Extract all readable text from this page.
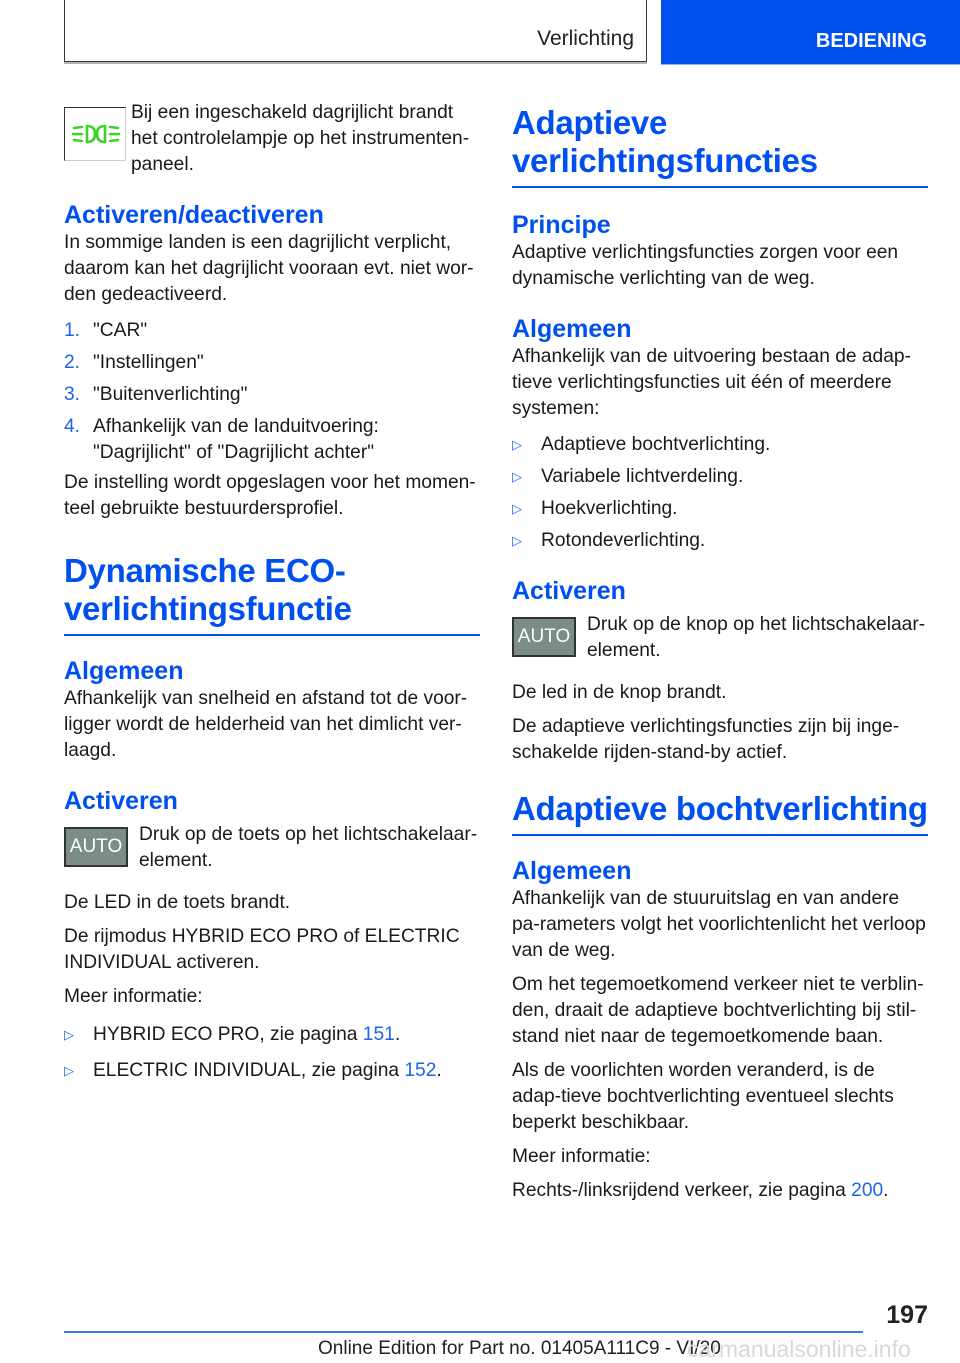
Verlichting	BEDIENING

Bij een ingeschakeld dagrijlicht brandt het controlelampje op het instrumenten-paneel.

Activeren/deactiveren

In sommige landen is een dagrijlicht verplicht, daarom kan het dagrijlicht vooraan evt. niet wor-den gedeactiveerd.

1. "CAR"
2. "Instellingen"
3. "Buitenverlichting"
4. Afhankelijk van de landuitvoering: "Dagrijlicht" of "Dagrijlicht achter"

De instelling wordt opgeslagen voor het momen-teel gebruikte bestuurdersprofiel.

Dynamische ECO-verlichtingsfunctie
Algemeen

Afhankelijk van snelheid en afstand tot de voor-ligger wordt de helderheid van het dimlicht ver-laagd.

Activeren
AUTO

Druk op de toets op het lichtschakelaar-element.

De LED in de toets brandt.

De rijmodus HYBRID ECO PRO of ELECTRIC INDIVIDUAL activeren.

Meer informatie:

▷ HYBRID ECO PRO, zie pagina 151.
▷ ELECTRIC INDIVIDUAL, zie pagina 152.
Adaptieve verlichtingsfuncties
Principe

Adaptive verlichtingsfuncties zorgen voor een dynamische verlichting van de weg.

Algemeen

Afhankelijk van de uitvoering bestaan de adap-tieve verlichtingsfuncties uit één of meerdere systemen:

▷ Adaptieve bochtverlichting.
▷ Variabele lichtverdeling.
▷ Hoekverlichting.
▷ Rotondeverlichting.
Activeren
AUTO

Druk op de knop op het lichtschakelaar-element.

De led in de knop brandt.

De adaptieve verlichtingsfuncties zijn bij inge-schakelde rijden-stand-by actief.

Adaptieve bochtverlichting
Algemeen

Afhankelijk van de stuuruitslag en van andere pa-rameters volgt het voorlichtenlicht het verloop van de weg.

Om het tegemoetkomend verkeer niet te verblin-den, draait de adaptieve bochtverlichting bij stil-stand niet naar de tegemoetkomende baan.

Als de voorlichten worden veranderd, is de adap-tieve bochtverlichting eventueel slechts beperkt beschikbaar.

Meer informatie:

Rechts-/linksrijdend verkeer, zie pagina 200.

197
Online Edition for Part no. 01405A111C9 - VI/20
carmanualsonline.info
